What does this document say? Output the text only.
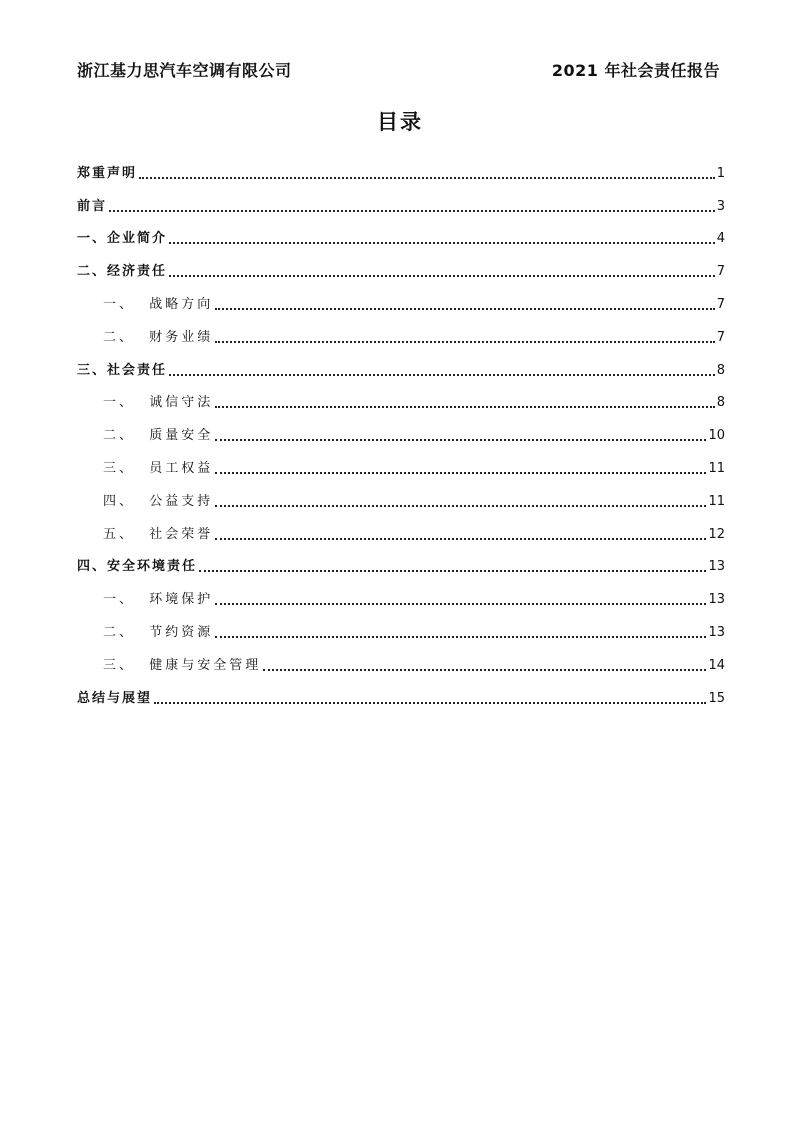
浙江基力思汽车空调有限公司	2021 年社会责任报告
目录
郑重声明	1
前言	3
一、企业简介	4
二、经济责任	7
一、  战略方向	7
二、  财务业绩	7
三、社会责任	8
一、  诚信守法	8
二、  质量安全	10
三、  员工权益	11
四、  公益支持	11
五、  社会荣誉	12
四、安全环境责任	13
一、  环境保护	13
二、  节约资源	13
三、  健康与安全管理	14
总结与展望	15
